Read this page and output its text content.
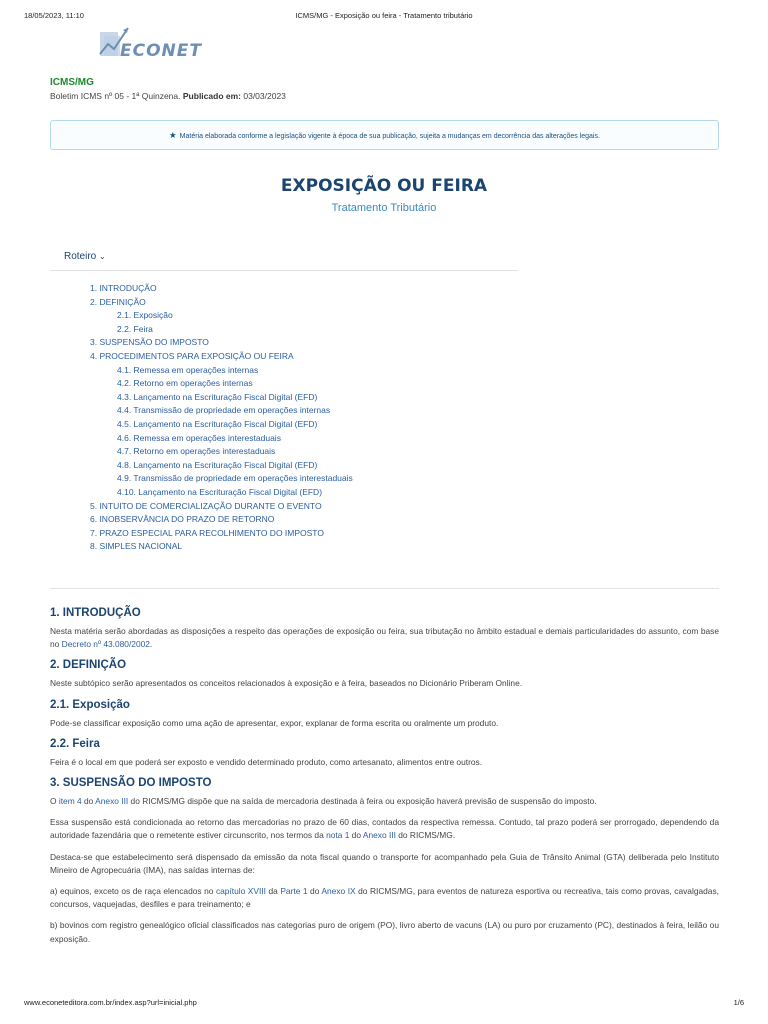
18/05/2023, 11:10	ICMS/MG - Exposição ou feira - Tratamento tributário
ECONET
ICMS/MG
Boletim ICMS nº 05 - 1ª Quinzena. Publicado em: 03/03/2023
★ Matéria elaborada conforme a legislação vigente à época de sua publicação, sujeita a mudanças em decorrência das alterações legais.
EXPOSIÇÃO OU FEIRA
Tratamento Tributário
Roteiro ⌄
1. INTRODUÇÃO
2. DEFINIÇÃO
2.1. Exposição
2.2. Feira
3. SUSPENSÃO DO IMPOSTO
4. PROCEDIMENTOS PARA EXPOSIÇÃO OU FEIRA
4.1. Remessa em operações internas
4.2. Retorno em operações internas
4.3. Lançamento na Escrituração Fiscal Digital (EFD)
4.4. Transmissão de propriedade em operações internas
4.5. Lançamento na Escrituração Fiscal Digital (EFD)
4.6. Remessa em operações interestaduais
4.7. Retorno em operações interestaduais
4.8. Lançamento na Escrituração Fiscal Digital (EFD)
4.9. Transmissão de propriedade em operações interestaduais
4.10. Lançamento na Escrituração Fiscal Digital (EFD)
5. INTUITO DE COMERCIALIZAÇÃO DURANTE O EVENTO
6. INOBSERVÂNCIA DO PRAZO DE RETORNO
7. PRAZO ESPECIAL PARA RECOLHIMENTO DO IMPOSTO
8. SIMPLES NACIONAL
1. INTRODUÇÃO

Nesta matéria serão abordadas as disposições a respeito das operações de exposição ou feira, sua tributação no âmbito estadual e demais particularidades do assunto, com base no Decreto nº 43.080/2002.

2. DEFINIÇÃO

Neste subtópico serão apresentados os conceitos relacionados à exposição e à feira, baseados no Dicionário Priberam Online.

2.1. Exposição

Pode-se classificar exposição como uma ação de apresentar, expor, explanar de forma escrita ou oralmente um produto.

2.2. Feira

Feira é o local em que poderá ser exposto e vendido determinado produto, como artesanato, alimentos entre outros.

3. SUSPENSÃO DO IMPOSTO

O item 4 do Anexo III do RICMS/MG dispõe que na saída de mercadoria destinada à feira ou exposição haverá previsão de suspensão do imposto.

Essa suspensão está condicionada ao retorno das mercadorias no prazo de 60 dias, contados da respectiva remessa. Contudo, tal prazo poderá ser prorrogado, dependendo da autoridade fazendária que o remetente estiver circunscrito, nos termos da nota 1 do Anexo III do RICMS/MG.

Destaca-se que estabelecimento será dispensado da emissão da nota fiscal quando o transporte for acompanhado pela Guia de Trânsito Animal (GTA) deliberada pelo Instituto Mineiro de Agropecuária (IMA), nas saídas internas de:

a) equinos, exceto os de raça elencados no capítulo XVIII da Parte 1 do Anexo IX do RICMS/MG, para eventos de natureza esportiva ou recreativa, tais como provas, cavalgadas, concursos, vaquejadas, desfiles e para treinamento; e

b) bovinos com registro genealógico oficial classificados nas categorias puro de origem (PO), livro aberto de vacuns (LA) ou puro por cruzamento (PC), destinados à feira, leilão ou exposição.

www.econeteditora.com.br/index.asp?url=inicial.php	1/6
